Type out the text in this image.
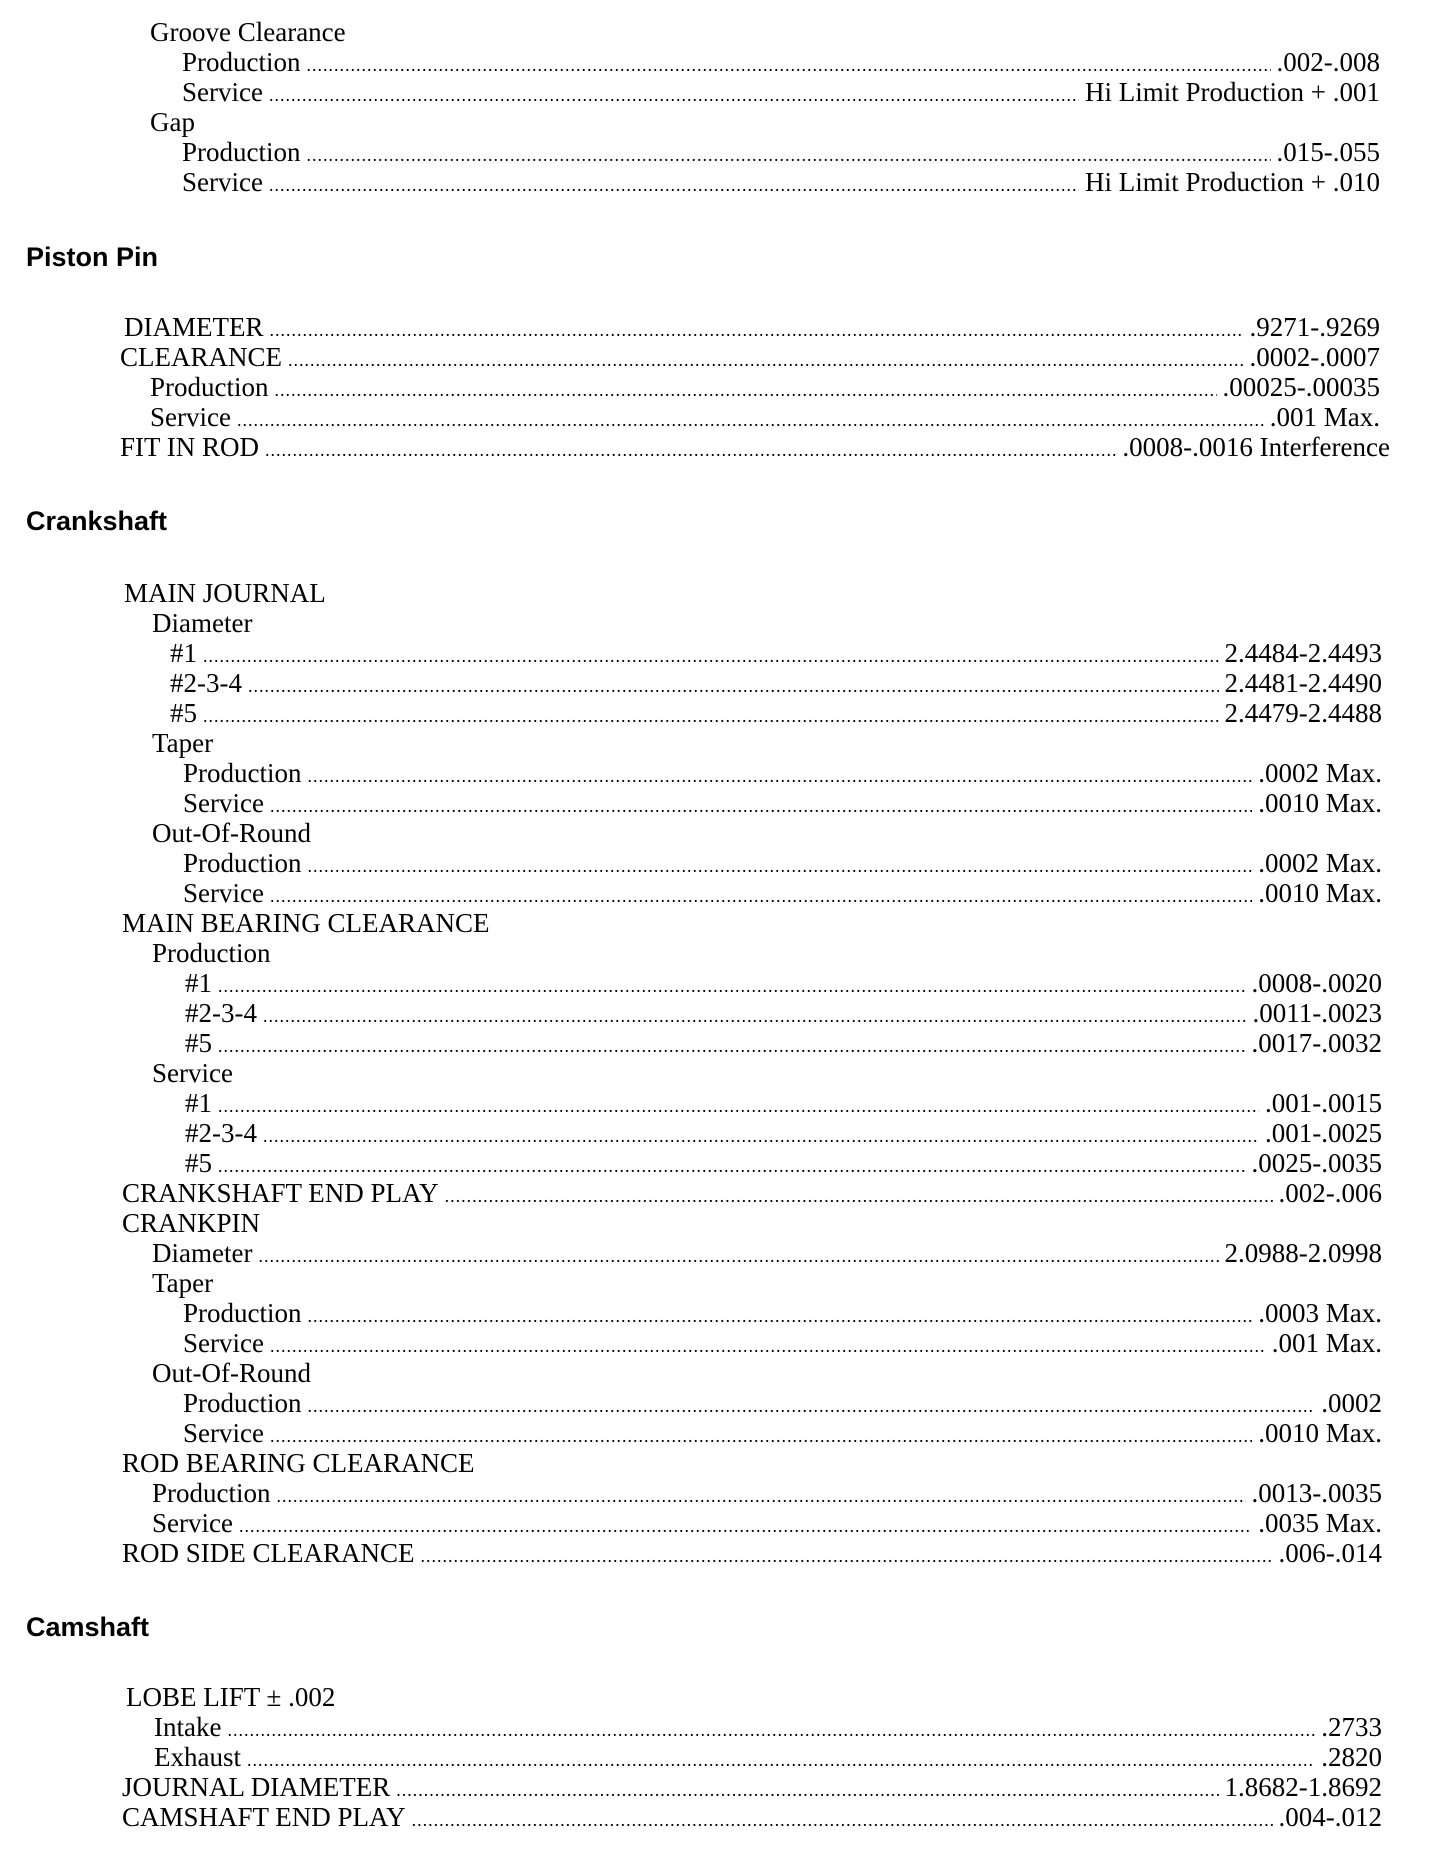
Groove Clearance
Production .....	.002-.008
Service .....	Hi Limit Production + .001
Gap
Production .....	.015-.055
Service .....	Hi Limit Production + .010
Piston Pin
DIAMETER .....	.9271-.9269
CLEARANCE .....	.0002-.0007
Production .....	.00025-.00035
Service .....	.001 Max.
FIT IN ROD .....	.0008-.0016 Interference
Crankshaft
MAIN JOURNAL
Diameter
#1 .....	2.4484-2.4493
#2-3-4 .....	2.4481-2.4490
#5 .....	2.4479-2.4488
Taper
Production .....	.0002 Max.
Service .....	.0010 Max.
Out-Of-Round
Production .....	.0002 Max.
Service .....	.0010 Max.
MAIN BEARING CLEARANCE
Production
#1 .....	.0008-.0020
#2-3-4 .....	.0011-.0023
#5 .....	.0017-.0032
Service
#1 .....	.001-.0015
#2-3-4 .....	.001-.0025
#5 .....	.0025-.0035
CRANKSHAFT END PLAY .....	.002-.006
CRANKPIN
Diameter .....	2.0988-2.0998
Taper
Production .....	.0003 Max.
Service .....	.001 Max.
Out-Of-Round
Production .....	.0002
Service .....	.0010 Max.
ROD BEARING CLEARANCE
Production .....	.0013-.0035
Service .....	.0035 Max.
ROD SIDE CLEARANCE .....	.006-.014
Camshaft
LOBE LIFT ± .002
Intake .....	.2733
Exhaust .....	.2820
JOURNAL DIAMETER .....	1.8682-1.8692
CAMSHAFT END PLAY .....	.004-.012
